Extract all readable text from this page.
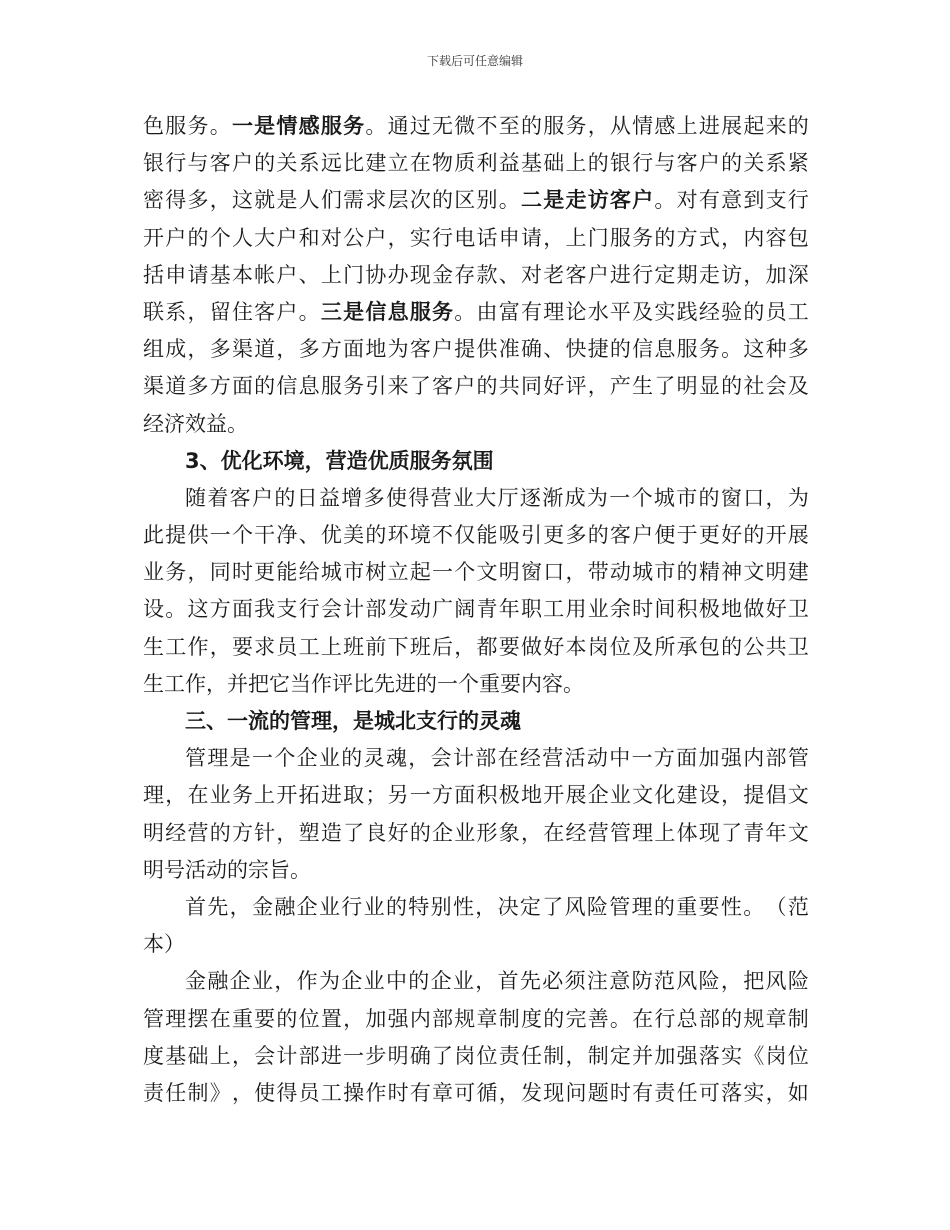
下载后可任意编辑
色 服 务 。 一 是 情 感 服 务 。 通 过 无 微 不 至 的 服 务 ， 从 情 感 上 进 展 起 来 的
银 行 与 客 户 的 关 系 远 比 建 立 在 物 质 利 益 基 础 上 的 银 行 与 客 户 的 关 系 紧
密 得 多 ， 这 就 是 人 们 需 求 层 次 的 区 别 。 二 是 走 访 客 户 。 对 有 意 到 支 行
开 户 的 个 人 大 户 和 对 公 户 ， 实 行 电 话 申 请 ， 上 门 服 务 的 方 式 ， 内 容 包
括 申 请 基 本 帐 户 、 上 门 协 办 现 金 存 款 、 对 老 客 户 进 行 定 期 走 访 ， 加 深
联 系 ， 留 住 客 户 。 三 是 信 息 服 务 。 由 富 有 理 论 水 平 及 实 践 经 验 的 员 工
组 成 ， 多 渠 道 ， 多 方 面 地 为 客 户 提 供 准 确 、 快 捷 的 信 息 服 务 。 这 种 多
渠 道 多 方 面 的 信 息 服 务 引 来 了 客 户 的 共 同 好 评 ， 产 生 了 明 显 的 社 会 及
经济效益。
3、优化环境，营造优质服务氛围
随 着 客 户 的 日 益 增 多 使 得 营 业 大 厅 逐 渐 成 为 一 个 城 市 的 窗 口 ， 为
此 提 供 一 个 干 净 、 优 美 的 环 境 不 仅 能 吸 引 更 多 的 客 户 便 于 更 好 的 开 展
业 务 ， 同 时 更 能 给 城 市 树 立 起 一 个 文 明 窗 口 ， 带 动 城 市 的 精 神 文 明 建
设 。 这 方 面 我 支 行 会 计 部 发 动 广 阔 青 年 职 工 用 业 余 时 间 积 极 地 做 好 卫
生 工 作 ， 要 求 员 工 上 班 前 下 班 后 ， 都 要 做 好 本 岗 位 及 所 承 包 的 公 共 卫
生工作，并把它当作评比先进的一个重要内容。
三、一流的管理，是城北支行的灵魂
管 理 是 一 个 企 业 的 灵 魂 ， 会 计 部 在 经 营 活 动 中 一 方 面 加 强 内 部 管
理 ， 在 业 务 上 开 拓 进 取 ； 另 一 方 面 积 极 地 开 展 企 业 文 化 建 设 ， 提 倡 文
明 经 营 的 方 针 ， 塑 造 了 良 好 的 企 业 形 象 ， 在 经 营 管 理 上 体 现 了 青 年 文
明号活动的宗旨。
首 先 ， 金 融 企 业 行 业 的 特 别 性 ， 决 定 了 风 险 管 理 的 重 要 性 。 （ 范
本）
金 融 企 业 ， 作 为 企 业 中 的 企 业 ， 首 先 必 须 注 意 防 范 风 险 ， 把 风 险
管 理 摆 在 重 要 的 位 置 ， 加 强 内 部 规 章 制 度 的 完 善 。 在 行 总 部 的 规 章 制
度 基 础 上 ， 会 计 部 进 一 步 明 确 了 岗 位 责 任 制 ， 制 定 并 加 强 落 实 《 岗 位
责 任 制 》 ， 使 得 员 工 操 作 时 有 章 可 循 ， 发 现 问 题 时 有 责 任 可 落 实 ， 如
